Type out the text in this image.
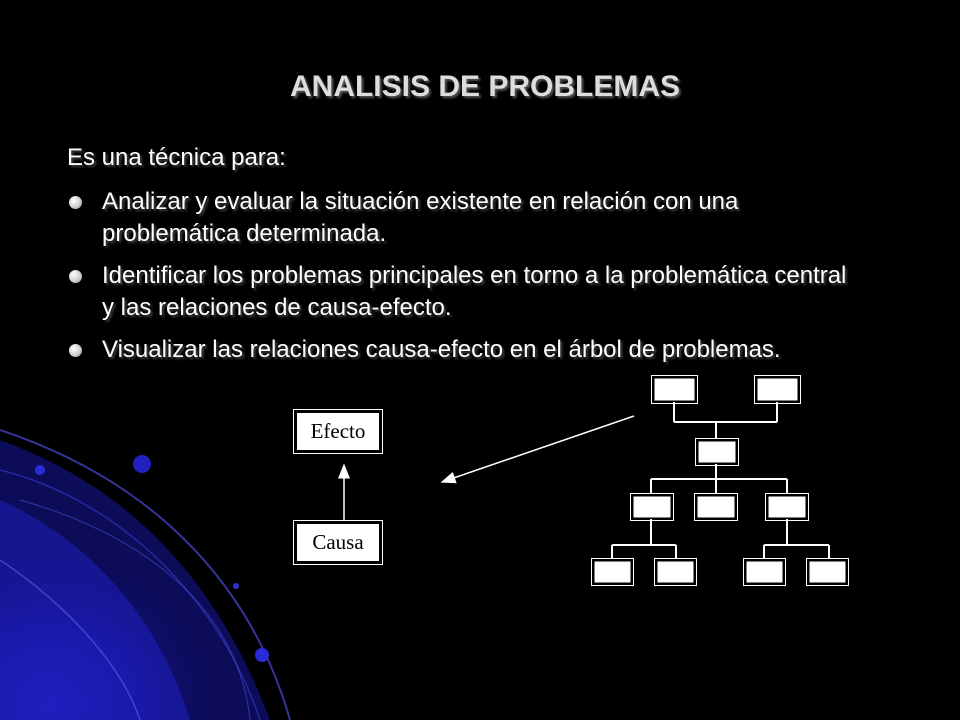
ANALISIS DE PROBLEMAS
Es una técnica para:
Analizar y evaluar la situación existente en relación con una problemática determinada.
Identificar los problemas principales en torno a la problemática central y las relaciones de causa-efecto.
Visualizar las relaciones causa-efecto en el árbol de problemas.
Efecto
Causa
